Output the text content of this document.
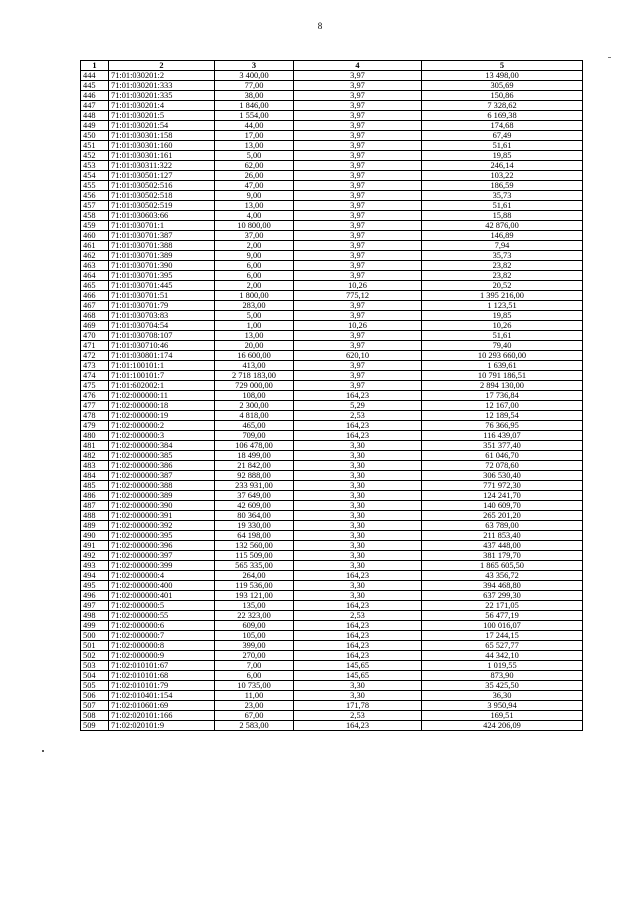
8
1	2	3	4	5
444	71:01:030201:2	3 400,00	3,97	13 498,00
445	71:01:030201:333	77,00	3,97	305,69
446	71:01:030201:335	38,00	3,97	150,86
447	71:01:030201:4	1 846,00	3,97	7 328,62
448	71:01:030201:5	1 554,00	3,97	6 169,38
449	71:01:030201:54	44,00	3,97	174,68
450	71:01:030301:158	17,00	3,97	67,49
451	71:01:030301:160	13,00	3,97	51,61
452	71:01:030301:161	5,00	3,97	19,85
453	71:01:030311:322	62,00	3,97	246,14
454	71:01:030501:127	26,00	3,97	103,22
455	71:01:030502:516	47,00	3,97	186,59
456	71:01:030502:518	9,00	3,97	35,73
457	71:01:030502:519	13,00	3,97	51,61
458	71:01:030603:66	4,00	3,97	15,88
459	71:01:030701:1	10 800,00	3,97	42 876,00
460	71:01:030701:387	37,00	3,97	146,89
461	71:01:030701:388	2,00	3,97	7,94
462	71:01:030701:389	9,00	3,97	35,73
463	71:01:030701:390	6,00	3,97	23,82
464	71:01:030701:395	6,00	3,97	23,82
465	71:01:030701:445	2,00	10,26	20,52
466	71:01:030701:51	1 800,00	775,12	1 395 216,00
467	71:01:030701:79	283,00	3,97	1 123,51
468	71:01:030703:83	5,00	3,97	19,85
469	71:01:030704:54	1,00	10,26	10,26
470	71:01:030708:107	13,00	3,97	51,61
471	71:01:030710:46	20,00	3,97	79,40
472	71:01:030801:174	16 600,00	620,10	10 293 660,00
473	71:01:100101:1	413,00	3,97	1 639,61
474	71:01:100101:7	2 718 183,00	3,97	10 791 186,51
475	71:01:602002:1	729 000,00	3,97	2 894 130,00
476	71:02:000000:11	108,00	164,23	17 736,84
477	71:02:000000:18	2 300,00	5,29	12 167,00
478	71:02:000000:19	4 818,00	2,53	12 189,54
479	71:02:000000:2	465,00	164,23	76 366,95
480	71:02:000000:3	709,00	164,23	116 439,07
481	71:02:000000:384	106 478,00	3,30	351 377,40
482	71:02:000000:385	18 499,00	3,30	61 046,70
483	71:02:000000:386	21 842,00	3,30	72 078,60
484	71:02:000000:387	92 888,00	3,30	306 530,40
485	71:02:000000:388	233 931,00	3,30	771 972,30
486	71:02:000000:389	37 649,00	3,30	124 241,70
487	71:02:000000:390	42 609,00	3,30	140 609,70
488	71:02:000000:391	80 364,00	3,30	265 201,20
489	71:02:000000:392	19 330,00	3,30	63 789,00
490	71:02:000000:395	64 198,00	3,30	211 853,40
491	71:02:000000:396	132 560,00	3,30	437 448,00
492	71:02:000000:397	115 509,00	3,30	381 179,70
493	71:02:000000:399	565 335,00	3,30	1 865 605,50
494	71:02:000000:4	264,00	164,23	43 356,72
495	71:02:000000:400	119 536,00	3,30	394 468,80
496	71:02:000000:401	193 121,00	3,30	637 299,30
497	71:02:000000:5	135,00	164,23	22 171,05
498	71:02:000000:55	22 323,00	2,53	56 477,19
499	71:02:000000:6	609,00	164,23	100 016,07
500	71:02:000000:7	105,00	164,23	17 244,15
501	71:02:000000:8	399,00	164,23	65 527,77
502	71:02:000000:9	270,00	164,23	44 342,10
503	71:02:010101:67	7,00	145,65	1 019,55
504	71:02:010101:68	6,00	145,65	873,90
505	71:02:010101:79	10 735,00	3,30	35 425,50
506	71:02:010401:154	11,00	3,30	36,30
507	71:02:010601:69	23,00	171,78	3 950,94
508	71:02:020101:166	67,00	2,53	169,51
509	71:02:020101:9	2 583,00	164,23	424 206,09
